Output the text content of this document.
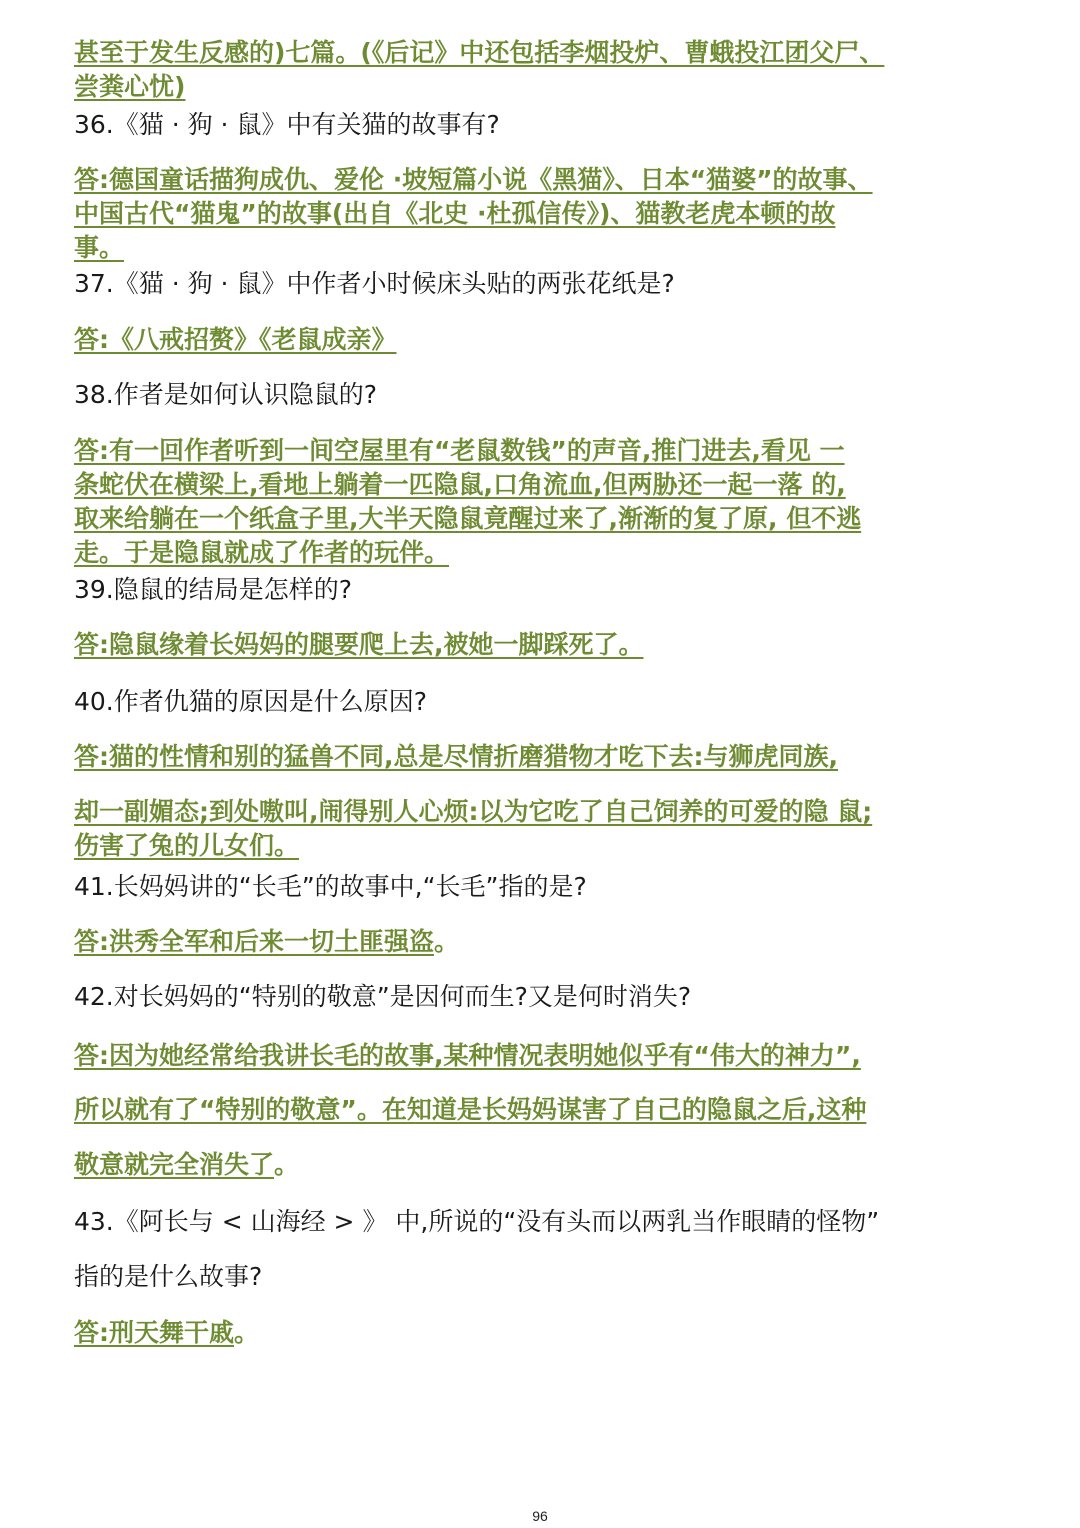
甚至于发生反感的)七篇。(《后记》中还包括李烟投炉、曹蛾投江团父尸、
尝粪心忧)
36.《猫 · 狗 · 鼠》中有关猫的故事有?
答:德国童话描狗成仇、爱伦 ·坡短篇小说《黑猫》、日本“猫婆”的故事、
中国古代“猫鬼”的故事(出自《北史 ·杜孤信传》)、猫教老虎本顿的故
事。
37.《猫 · 狗 · 鼠》中作者小时候床头贴的两张花纸是?
答:《八戒招赘》《老鼠成亲》
38.作者是如何认识隐鼠的?
答:有一回作者听到一间空屋里有“老鼠数钱”的声音,推门进去,看见 一
条蛇伏在横梁上,看地上躺着一匹隐鼠,口角流血,但两胁还一起一落 的,
取来给躺在一个纸盒子里,大半天隐鼠竟醒过来了,渐渐的复了原, 但不逃
走。于是隐鼠就成了作者的玩伴。
39.隐鼠的结局是怎样的?
答:隐鼠缘着长妈妈的腿要爬上去,被她一脚踩死了。
40.作者仇猫的原因是什么原因?
答:猫的性情和别的猛兽不同,总是尽情折磨猎物才吃下去:与狮虎同族,
却一副媚态;到处嗷叫,闹得别人心烦:以为它吃了自己饲养的可爱的隐 鼠;
伤害了兔的儿女们。
41.长妈妈讲的“长毛”的故事中,“长毛”指的是?
答:洪秀全军和后来一切土匪强盗。
42.对长妈妈的“特别的敬意”是因何而生?又是何时消失?
答:因为她经常给我讲长毛的故事,某种情况表明她似乎有“伟大的神力”,
所以就有了“特别的敬意”。在知道是长妈妈谋害了自己的隐鼠之后,这种
敬意就完全消失了。
43.《阿长与 < 山海经 > 》 中,所说的“没有头而以两乳当作眼睛的怪物”
指的是什么故事?
答:刑天舞干戚。
96
